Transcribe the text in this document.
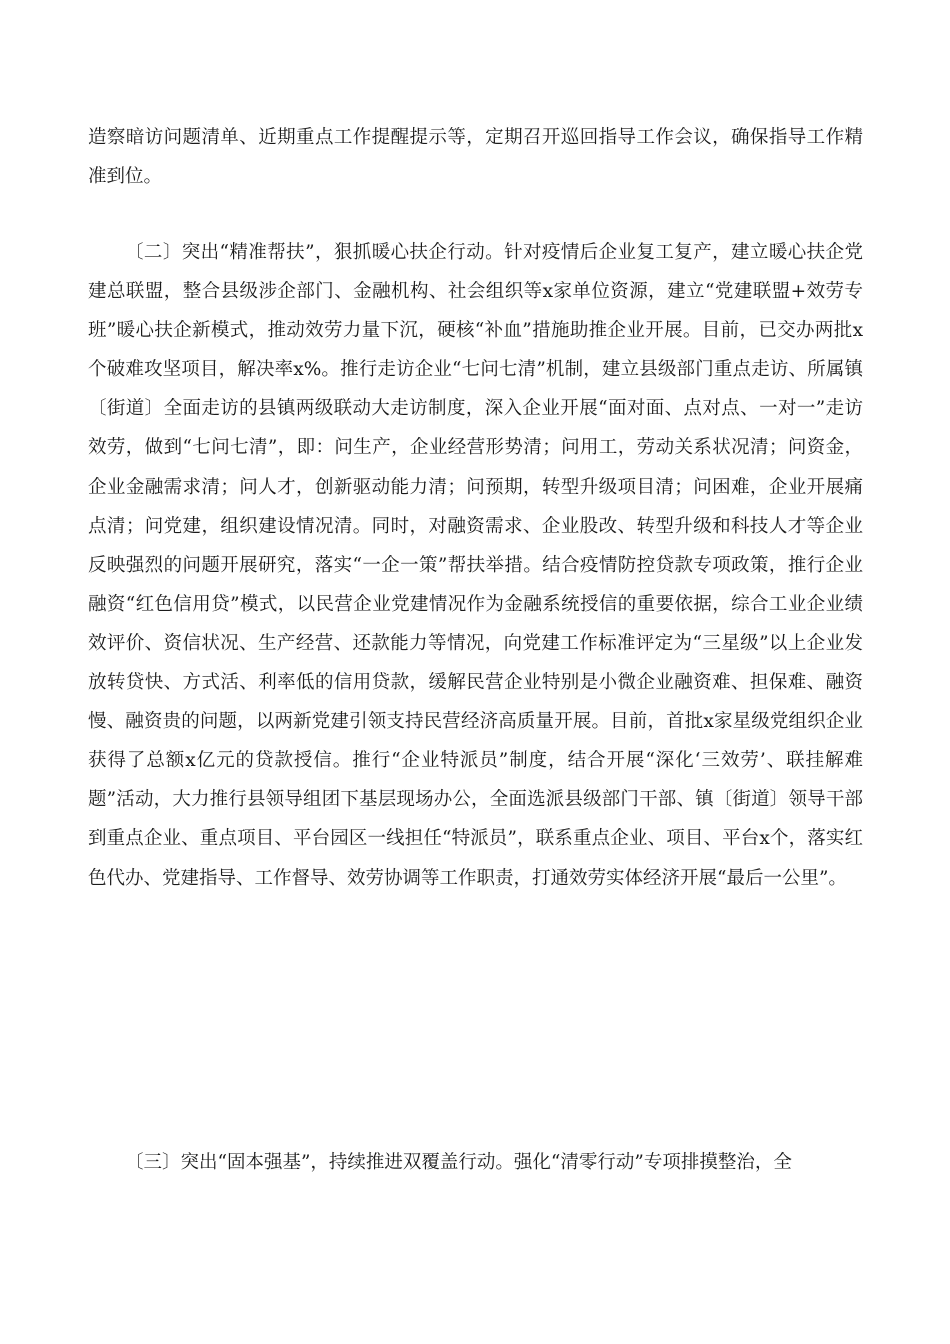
造察暗访问题清单、近期重点工作提醒提示等，定期召开巡回指导工作会议，确保指导工作精准到位。

〔二〕突出“精准帮扶”，狠抓暖心扶企行动。针对疫情后企业复工复产，建立暖心扶企党建总联盟，整合县级涉企部门、金融机构、社会组织等x家单位资源，建立“党建联盟+效劳专班”暖心扶企新模式，推动效劳力量下沉，硬核“补血”措施助推企业开展。目前，已交办两批x个破难攻坚项目，解决率x%。推行走访企业“七问七清”机制，建立县级部门重点走访、所属镇〔街道〕全面走访的县镇两级联动大走访制度，深入企业开展“面对面、点对点、一对一”走访效劳，做到“七问七清”，即：问生产，企业经营形势清；问用工，劳动关系状况清；问资金，企业金融需求清；问人才，创新驱动能力清；问预期，转型升级项目清；问困难，企业开展痛点清；问党建，组织建设情况清。同时，对融资需求、企业股改、转型升级和科技人才等企业反映强烈的问题开展研究，落实“一企一策”帮扶举措。结合疫情防控贷款专项政策，推行企业融资“红色信用贷”模式，以民营企业党建情况作为金融系统授信的重要依据，综合工业企业绩效评价、资信状况、生产经营、还款能力等情况，向党建工作标准评定为“三星级”以上企业发放转贷快、方式活、利率低的信用贷款，缓解民营企业特别是小微企业融资难、担保难、融资慢、融资贵的问题，以两新党建引领支持民营经济高质量开展。目前，首批x家星级党组织企业获得了总额x亿元的贷款授信。推行“企业特派员”制度，结合开展“深化‘三效劳’、联挂解难题”活动，大力推行县领导组团下基层现场办公，全面选派县级部门干部、镇〔街道〕领导干部到重点企业、重点项目、平台园区一线担任“特派员”，联系重点企业、项目、平台x个，落实红色代办、党建指导、工作督导、效劳协调等工作职责，打通效劳实体经济开展“最后一公里”。

〔三〕突出“固本强基”，持续推进双覆盖行动。强化“清零行动”专项排摸整治，全
